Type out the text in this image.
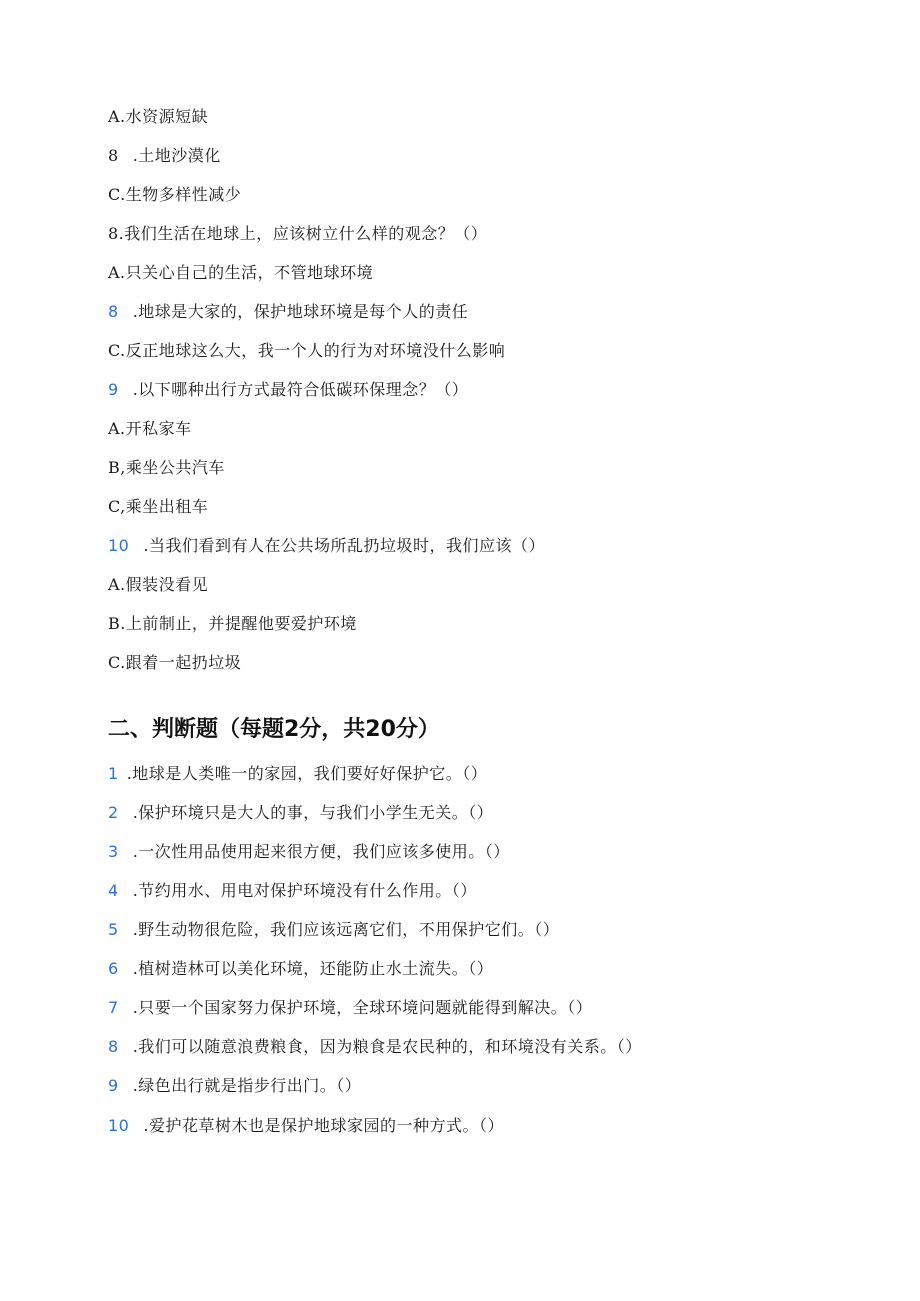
A.水资源短缺
8 .土地沙漠化
C.生物多样性减少
8.我们生活在地球上，应该树立什么样的观念？（）
A.只关心自己的生活，不管地球环境
8 .地球是大家的，保护地球环境是每个人的责任
C.反正地球这么大，我一个人的行为对环境没什么影响
9 .以下哪种出行方式最符合低碳环保理念？（）
A.开私家车
B,乘坐公共汽车
C,乘坐出租车
10 .当我们看到有人在公共场所乱扔垃圾时，我们应该（）
A.假装没看见
B.上前制止，并提醒他要爱护环境
C.跟着一起扔垃圾
二、判断题（每题2分，共20分）
1 .地球是人类唯一的家园，我们要好好保护它。（）
2 .保护环境只是大人的事，与我们小学生无关。（）
3 .一次性用品使用起来很方便，我们应该多使用。（）
4 .节约用水、用电对保护环境没有什么作用。（）
5 .野生动物很危险，我们应该远离它们，不用保护它们。（）
6 .植树造林可以美化环境，还能防止水土流失。（）
7 .只要一个国家努力保护环境，全球环境问题就能得到解决。（）
8 .我们可以随意浪费粮食，因为粮食是农民种的，和环境没有关系。（）
9 .绿色出行就是指步行出门。（）
10 .爱护花草树木也是保护地球家园的一种方式。（）
